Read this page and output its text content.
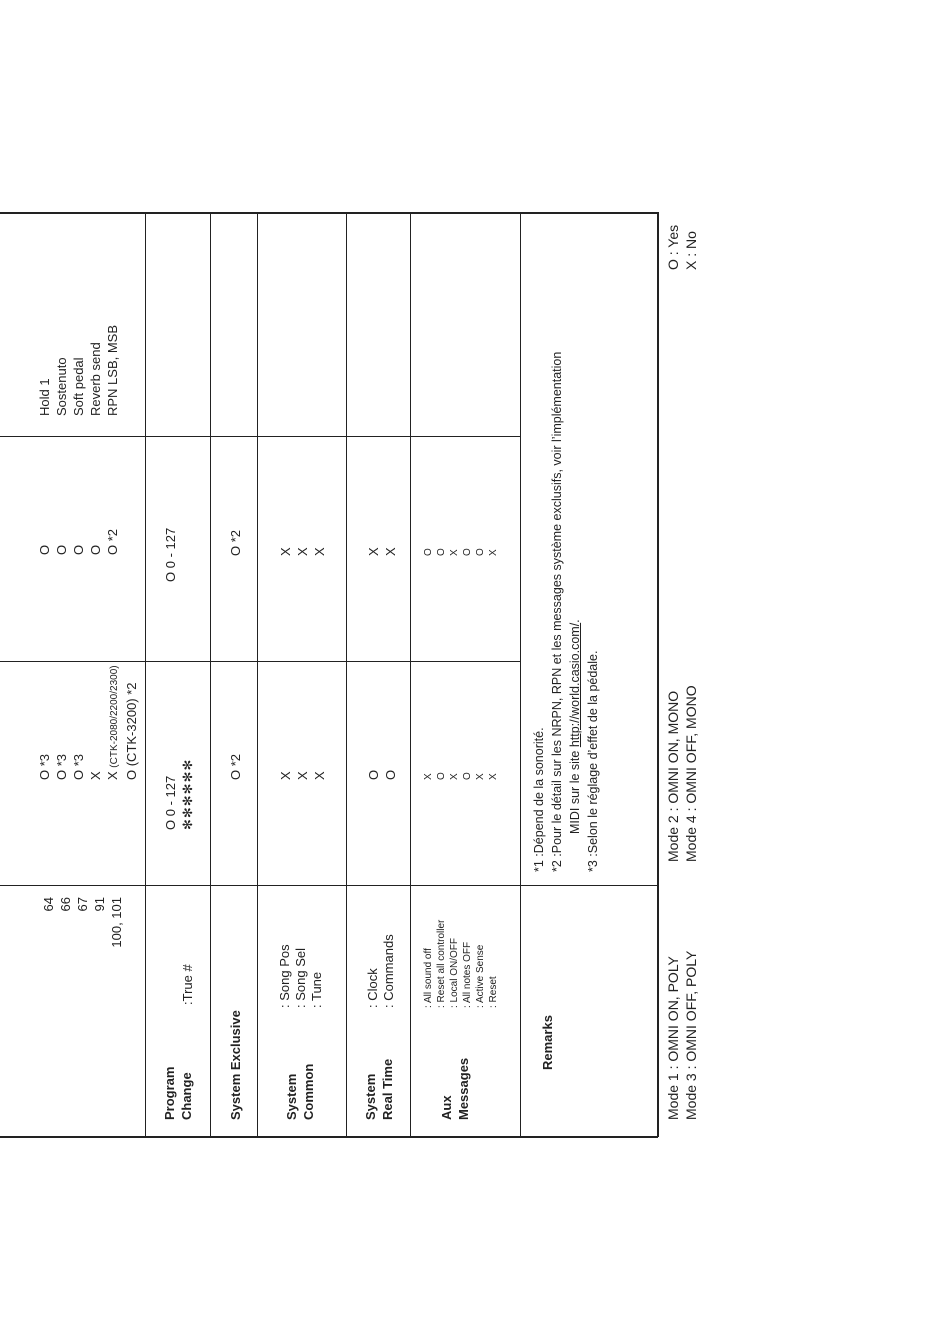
64 66 67 91 100, 101
O *3 O *3 O *3 X X (CTK-2080/2200/2300) O (CTK-3200) *2
O O O O O *2
Hold 1 Sostenuto Soft pedal Reverb send RPN LSB, MSB
Program Change
:True #
O 0 - 127 ✻✻✻✻✻✻
O 0 - 127
System Exclusive
O *2
O *2
System Common
: Song Pos : Song Sel : Tune
X X X
X X X
System Real Time
: Clock : Commands
O O
X X
Aux Messages
: All sound off : Reset all controller : Local ON/OFF : All notes OFF : Active Sense : Reset
X O X O X X
O O X O O X
Remarks
*1 :Dépend de la sonorité. *2 :Pour le détail sur les NRPN, RPN et les messages système exclusifs, voir l’implémentation MIDI sur le site http://world.casio.com/.
*3 :Selon le réglage d’effet de la pédale.
Mode 1 : OMNI ON, POLY Mode 3 : OMNI OFF, POLY
Mode 2 : OMNI ON, MONO Mode 4 : OMNI OFF, MONO
O : Yes X : No
